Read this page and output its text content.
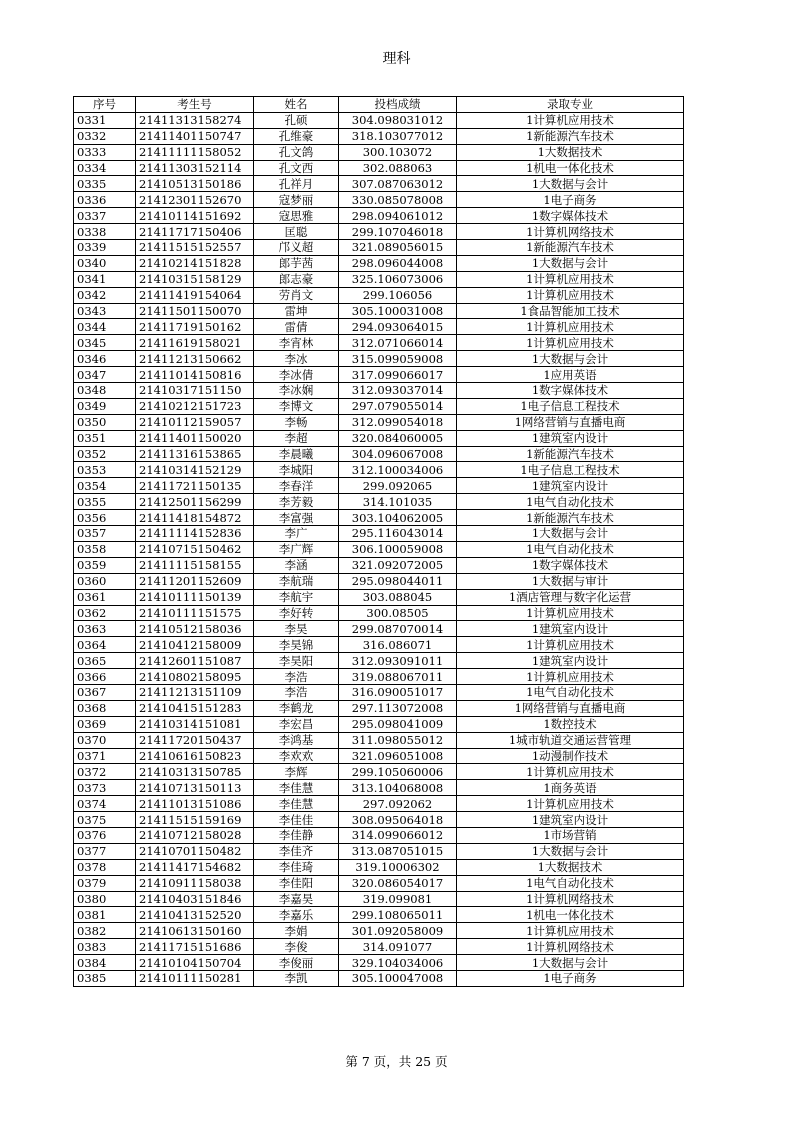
理科
序号	考生号	姓名	投档成绩	录取专业
0331	21411313158274	孔硕	304.098031012	1计算机应用技术
0332	21411401150747	孔维豪	318.103077012	1新能源汽车技术
0333	21411111158052	孔文鸽	300.103072	1大数据技术
0334	21411303152114	孔文西	302.088063	1机电一体化技术
0335	21410513150186	孔祥月	307.087063012	1大数据与会计
0336	21412301152670	寇梦丽	330.085078008	1电子商务
0337	21410114151692	寇思雅	298.094061012	1数字媒体技术
0338	21411717150406	匡聪	299.107046018	1计算机网络技术
0339	21411515152557	邝义超	321.089056015	1新能源汽车技术
0340	21410214151828	郎芋茜	298.096044008	1大数据与会计
0341	21410315158129	郎志豪	325.106073006	1计算机应用技术
0342	21411419154064	劳肖文	299.106056	1计算机应用技术
0343	21411501150070	雷坤	305.100031008	1食品智能加工技术
0344	21411719150162	雷倩	294.093064015	1计算机应用技术
0345	21411619158021	李宵林	312.071066014	1计算机应用技术
0346	21411213150662	李冰	315.099059008	1大数据与会计
0347	21411014150816	李冰倩	317.099066017	1应用英语
0348	21410317151150	李冰娴	312.093037014	1数字媒体技术
0349	21410212151723	李博文	297.079055014	1电子信息工程技术
0350	21410112159057	李畅	312.099054018	1网络营销与直播电商
0351	21411401150020	李超	320.084060005	1建筑室内设计
0352	21411316153865	李晨曦	304.096067008	1新能源汽车技术
0353	21410314152129	李城阳	312.100034006	1电子信息工程技术
0354	21411721150135	李春洋	299.092065	1建筑室内设计
0355	21412501156299	李芳毅	314.101035	1电气自动化技术
0356	21411418154872	李富强	303.104062005	1新能源汽车技术
0357	21411114152836	李广	295.116043014	1大数据与会计
0358	21410715150462	李广辉	306.100059008	1电气自动化技术
0359	21411115158155	李涵	321.092072005	1数字媒体技术
0360	21411201152609	李航瑞	295.098044011	1大数据与审计
0361	21410111150139	李航宇	303.088045	1酒店管理与数字化运营
0362	21410111151575	李好转	300.08505	1计算机应用技术
0363	21410512158036	李昊	299.087070014	1建筑室内设计
0364	21410412158009	李昊锦	316.086071	1计算机应用技术
0365	21412601151087	李昊阳	312.093091011	1建筑室内设计
0366	21410802158095	李浩	319.088067011	1计算机应用技术
0367	21411213151109	李浩	316.090051017	1电气自动化技术
0368	21410415151283	李鹤龙	297.113072008	1网络营销与直播电商
0369	21410314151081	李宏昌	295.098041009	1数控技术
0370	21411720150437	李鸿基	311.098055012	1城市轨道交通运营管理
0371	21410616150823	李欢欢	321.096051008	1动漫制作技术
0372	21410313150785	李辉	299.105060006	1计算机应用技术
0373	21410713150113	李佳慧	313.104068008	1商务英语
0374	21411013151086	李佳慧	297.092062	1计算机应用技术
0375	21411515159169	李佳佳	308.095064018	1建筑室内设计
0376	21410712158028	李佳静	314.099066012	1市场营销
0377	21410701150482	李佳齐	313.087051015	1大数据与会计
0378	21411417154682	李佳琦	319.10006302	1大数据技术
0379	21410911158038	李佳阳	320.086054017	1电气自动化技术
0380	21410403151846	李嘉昊	319.099081	1计算机网络技术
0381	21410413152520	李嘉乐	299.108065011	1机电一体化技术
0382	21410613150160	李娟	301.092058009	1计算机应用技术
0383	21411715151686	李俊	314.091077	1计算机网络技术
0384	21410104150704	李俊丽	329.104034006	1大数据与会计
0385	21410111150281	李凯	305.100047008	1电子商务
第 7 页，共 25 页
